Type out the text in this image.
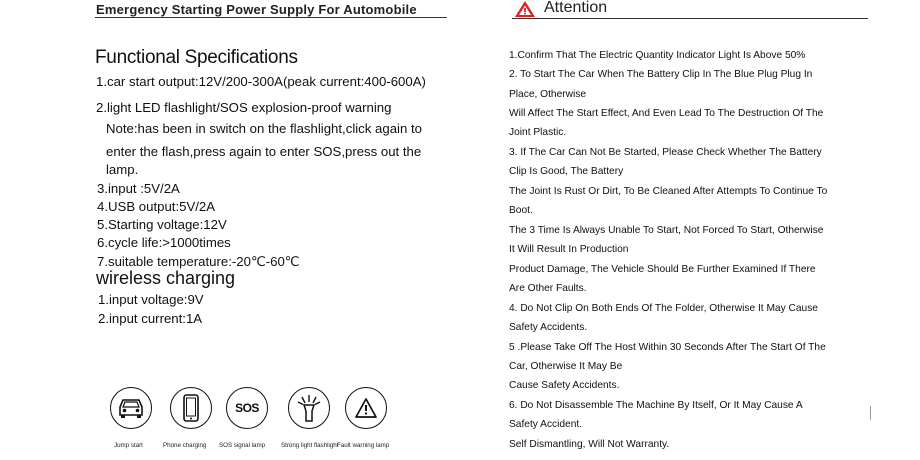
Emergency Starting Power Supply For Automobile	Attention
Functional Specifications
1.car start output:12V/200-300A(peak current:400-600A)
2.light LED flashlight/SOS explosion-proof warning
Note:has been in switch on the flashlight,click again to
enter the flash,press again to enter SOS,press out the
lamp.
3.input :5V/2A
4.USB output:5V/2A
5.Starting voltage:12V
6.cycle life:>1000times
7.suitable temperature:-20℃-60℃
wireless charging
1.input voltage:9V
2.input current:1A
1.Confirm That The Electric Quantity Indicator Light Is Above 50%
2. To Start The Car When The Battery Clip In The Blue Plug Plug In
Place, Otherwise
Will Affect The Start Effect, And Even Lead To The Destruction Of The
Joint Plastic.
3. If The Car Can Not Be Started, Please Check Whether The Battery
Clip Is Good, The Battery
The Joint Is Rust Or Dirt, To Be Cleaned After Attempts To Continue To
Boot.
The 3 Time Is Always Unable To Start, Not Forced To Start, Otherwise
It Will Result In Production
Product Damage, The Vehicle Should Be Further Examined If There
Are Other Faults.
4. Do Not Clip On Both Ends Of The Folder, Otherwise It May Cause
Safety Accidents.
5 .Please Take Off The Host Within 30 Seconds After The Start Of The
Car, Otherwise It May Be
Cause Safety Accidents.
6. Do Not Disassemble The Machine By Itself, Or It May Cause A
Safety Accident.
Self Dismantling, Will Not Warranty.
Jump start	Phone charging
SOS
SOS signal lamp	Strong light flashlight
Fault warning lamp
